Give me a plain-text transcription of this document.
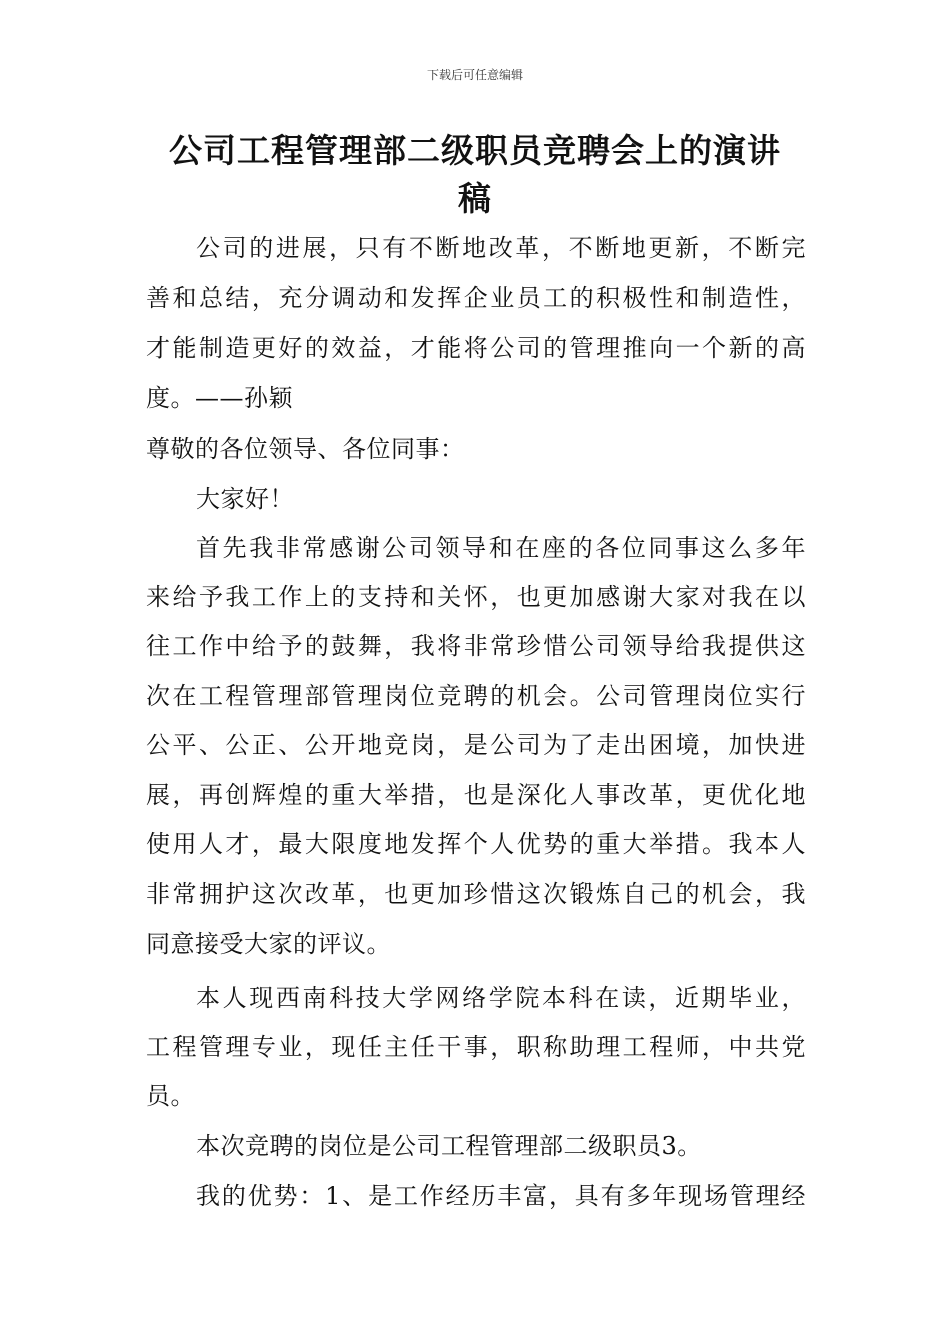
下载后可任意编辑
公司工程管理部二级职员竞聘会上的演讲
稿
公司的进展，只有不断地改革，不断地更新，不断完
善和总结，充分调动和发挥企业员工的积极性和制造性，
才能制造更好的效益，才能将公司的管理推向一个新的高
度。——孙颖
尊敬的各位领导、各位同事：
大家好！
首先我非常感谢公司领导和在座的各位同事这么多年
来给予我工作上的支持和关怀，也更加感谢大家对我在以
往工作中给予的鼓舞，我将非常珍惜公司领导给我提供这
次在工程管理部管理岗位竞聘的机会。公司管理岗位实行
公平、公正、公开地竞岗，是公司为了走出困境，加快进
展，再创辉煌的重大举措，也是深化人事改革，更优化地
使用人才，最大限度地发挥个人优势的重大举措。我本人
非常拥护这次改革，也更加珍惜这次锻炼自己的机会，我
同意接受大家的评议。
本人现西南科技大学网络学院本科在读，近期毕业，
工程管理专业，现任主任干事，职称助理工程师，中共党
员。
本次竞聘的岗位是公司工程管理部二级职员3。
我的优势：1、是工作经历丰富，具有多年现场管理经
